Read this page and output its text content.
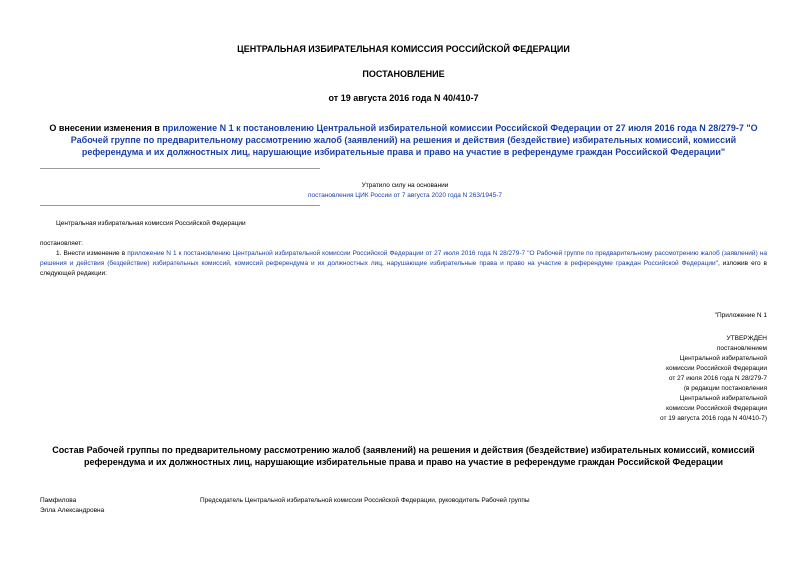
ЦЕНТРАЛЬНАЯ ИЗБИРАТЕЛЬНАЯ КОМИССИЯ РОССИЙСКОЙ ФЕДЕРАЦИИ
ПОСТАНОВЛЕНИЕ
от 19 августа 2016 года N 40/410-7
О внесении изменения в приложение N 1 к постановлению Центральной избирательной комиссии Российской Федерации от 27 июля 2016 года N 28/279-7 "О Рабочей группе по предварительному рассмотрению жалоб (заявлений) на решения и действия (бездействие) избирательных комиссий, комиссий референдума и их должностных лиц, нарушающие избирательные права и право на участие в референдуме граждан Российской Федерации"
Утратило силу на основании
постановления ЦИК России от 7 августа 2020 года N 263/1945-7
Центральная избирательная комиссия Российской Федерации
постановляет:
1. Внести изменение в приложение N 1 к постановлению Центральной избирательной комиссии Российской Федерации от 27 июля 2016 года N 28/279-7 "О Рабочей группе по предварительному рассмотрению жалоб (заявлений) на решения и действия (бездействие) избирательных комиссий, комиссий референдума и их должностных лиц, нарушающие избирательные права и право на участие в референдуме граждан Российской Федерации", изложив его в следующей редакции:
"Приложение N 1
УТВЕРЖДЕН
постановлением
Центральной избирательной
комиссии Российской Федерации
от 27 июля 2016 года N 28/279-7
(в редакции постановления
Центральной избирательной
комиссии Российской Федерации
от 19 августа 2016 года N 40/410-7)
Состав Рабочей группы по предварительному рассмотрению жалоб (заявлений) на решения и действия (бездействие) избирательных комиссий, комиссий референдума и их должностных лиц, нарушающие избирательные права и право на участие в референдуме граждан Российской Федерации
Памфилова
Элла Александровна
Председатель Центральной избирательной комиссии Российской Федерации, руководитель Рабочей группы
